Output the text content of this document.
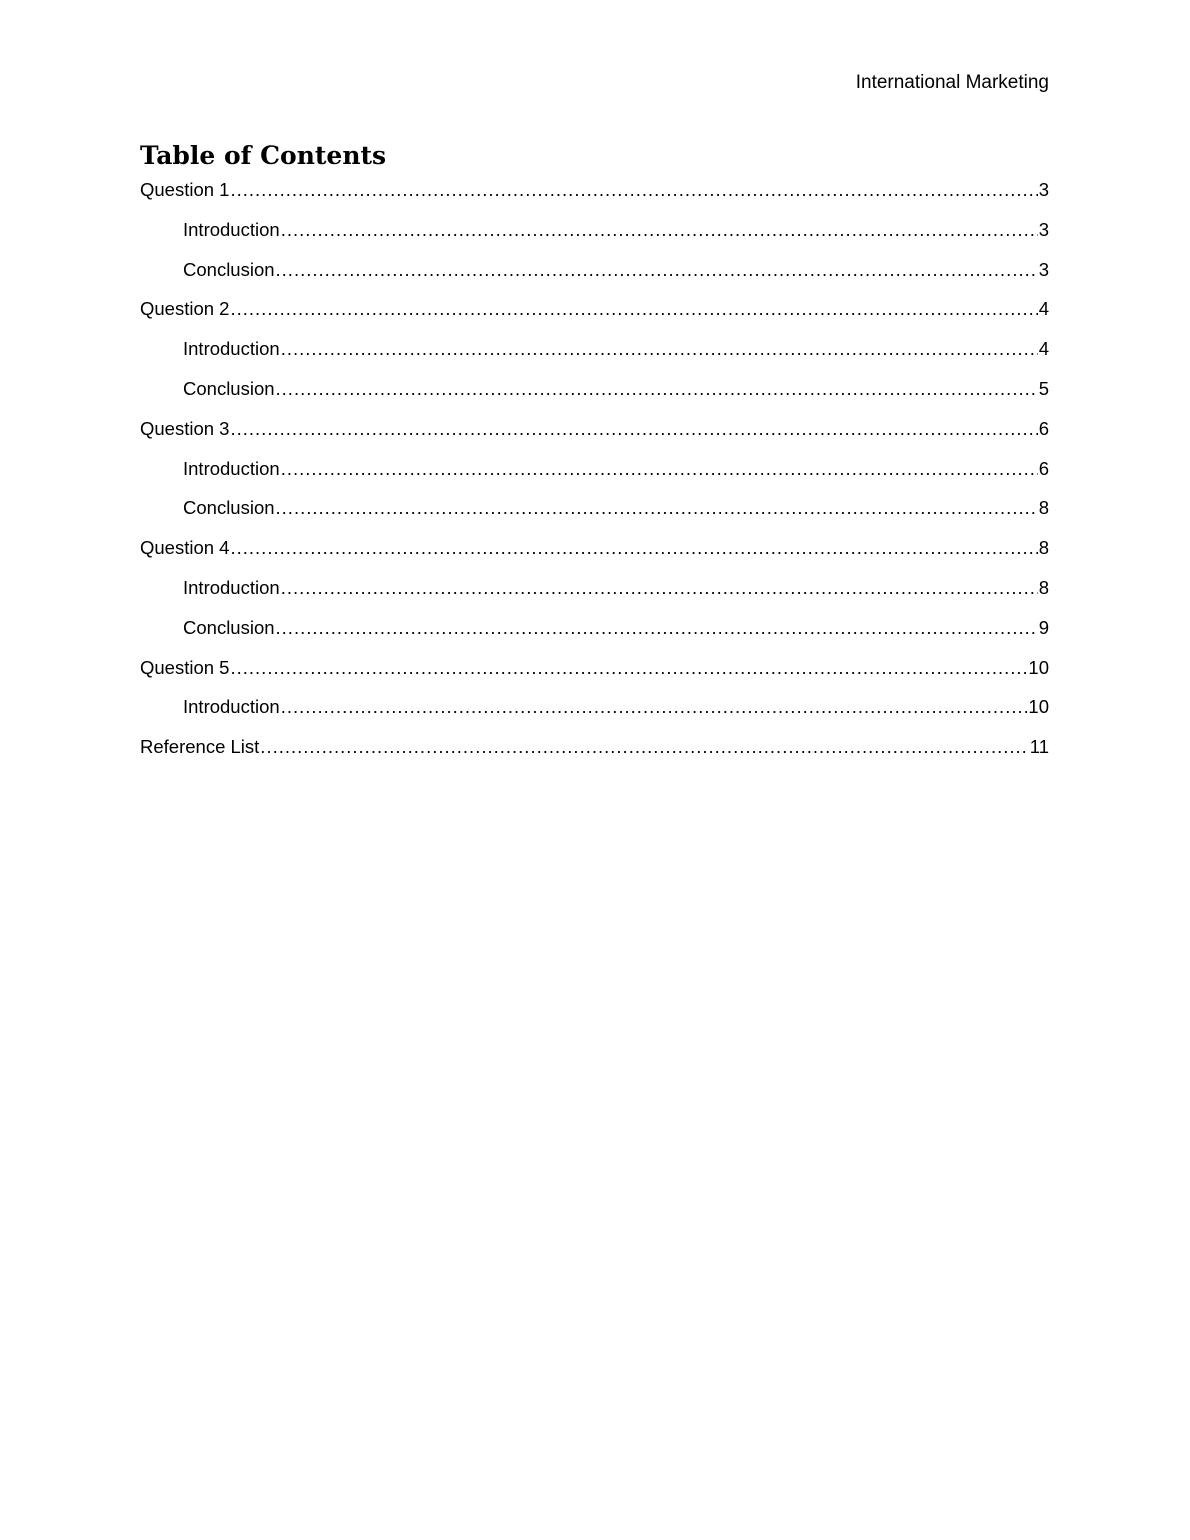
International Marketing
Table of Contents
Question 1 .....	3
Introduction .....	3
Conclusion .....	3
Question 2 .....	4
Introduction .....	4
Conclusion .....	5
Question 3 .....	6
Introduction .....	6
Conclusion .....	8
Question 4 .....	8
Introduction .....	8
Conclusion .....	9
Question 5 .....	10
Introduction .....	10
Reference List .....	11
